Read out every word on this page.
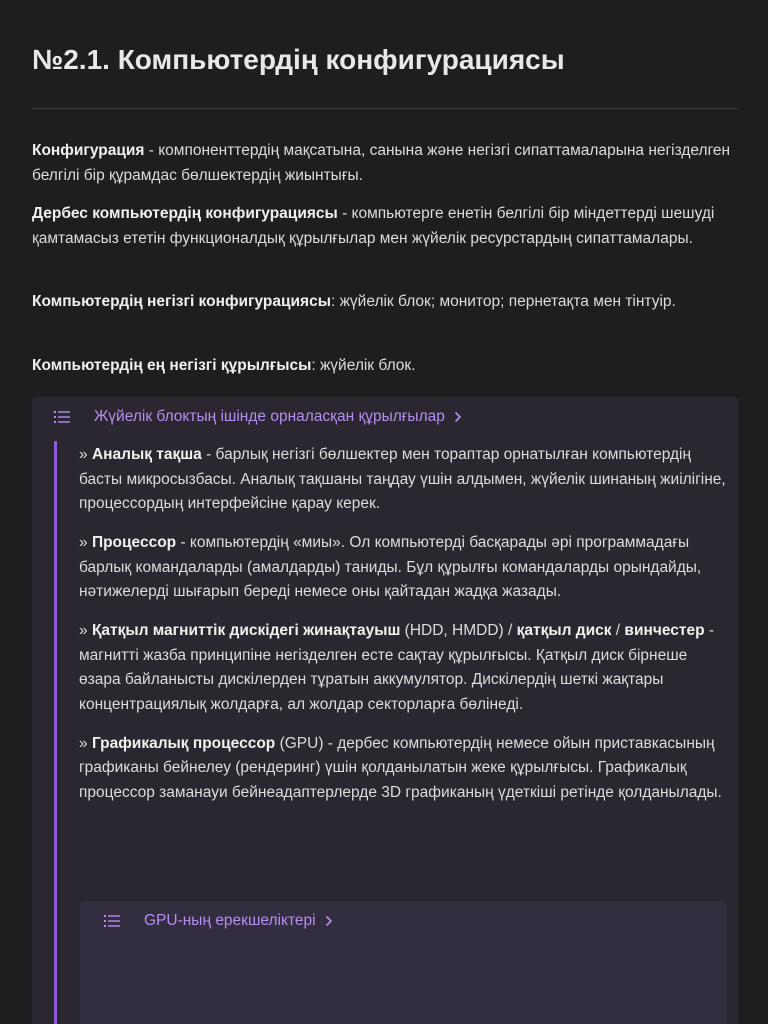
№2.1. Компьютердің конфигурациясы

Конфигурация - компоненттердің мақсатына, санына және негізгі сипаттамаларына негізделген белгілі бір құрамдас бөлшектердің жиынтығы.

Дербес компьютердің конфигурациясы - компьютерге енетін белгілі бір міндеттерді шешуді қамтамасыз ететін функционалдық құрылғылар мен жүйелік ресурстардың сипаттамалары.

Компьютердің негізгі конфигурациясы: жүйелік блок; монитор; пернетақта мен тінтуір.

Компьютердің ең негізгі құрылғысы: жүйелік блок.

Жүйелік блоктың ішінде орналасқан құрылғылар

» Аналық тақша - барлық негізгі бөлшектер мен тораптар орнатылған компьютердің басты микросызбасы. Аналық тақшаны таңдау үшін алдымен, жүйелік шинаның жиілігіне, процессордың интерфейсіне қарау керек.

» Процессор - компьютердің «миы». Ол компьютерді басқарады әрі программадағы барлық командаларды (амалдарды) таниды. Бұл құрылғы командаларды орындайды, нәтижелерді шығарып береді немесе оны қайтадан жадқа жазады.

» Қатқыл магниттік дискідегі жинақтауыш (HDD, HMDD) / қатқыл диск / винчестер - магнитті жазба принципіне негізделген есте сақтау құрылғысы. Қатқыл диск бірнеше өзара байланысты дискілерден тұратын аккумулятор. Дискілердің шеткі жақтары концентрациялық жолдарға, ал жолдар секторларға бөлінеді.

» Графикалық процессор (GPU) - дербес компьютердің немесе ойын приставкасының графиканы бейнелеу (рендеринг) үшін қолданылатын жеке құрылғысы. Графикалық процессор заманауи бейнеадаптерлерде 3D графиканың үдеткіші ретінде қолданылады.

GPU-ның ерекшеліктері
